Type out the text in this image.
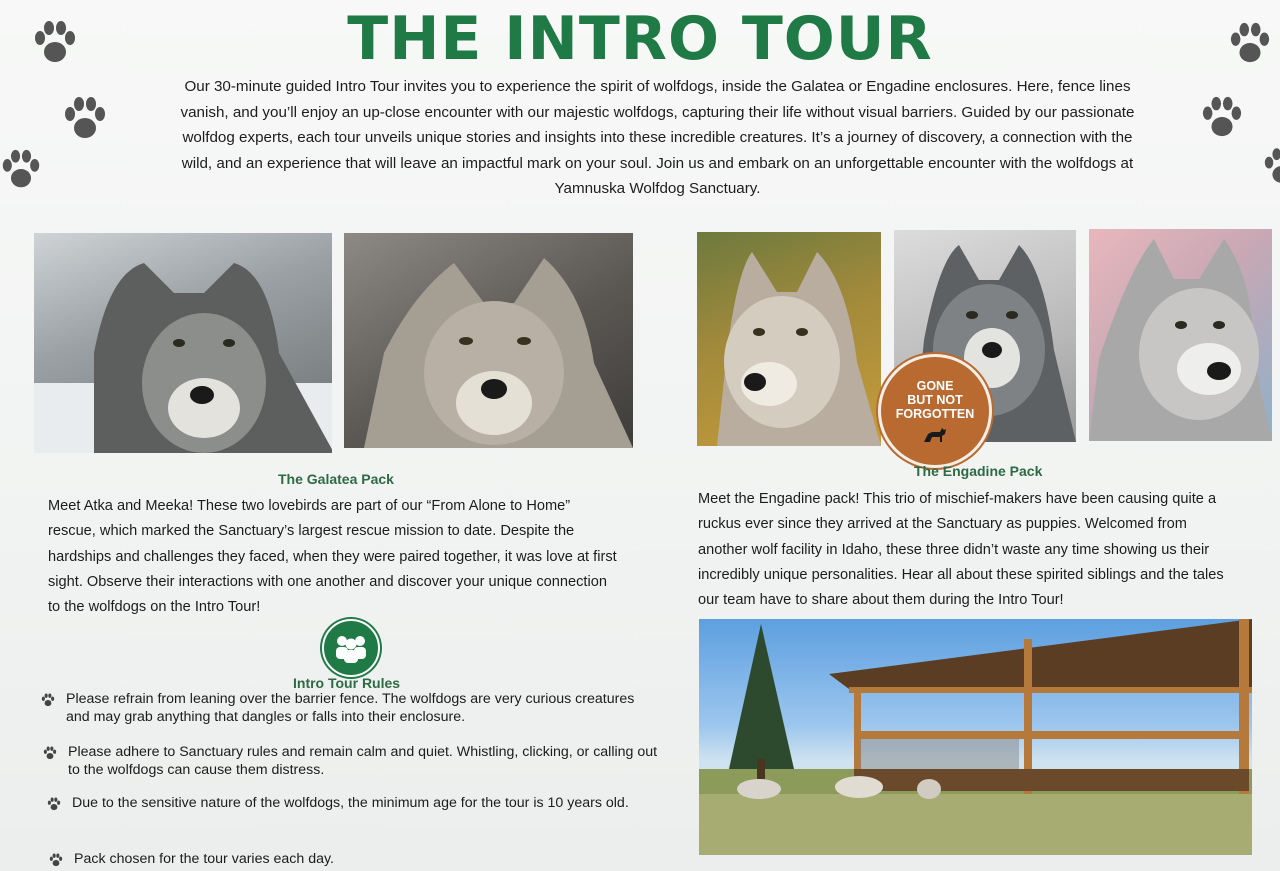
THE INTRO TOUR
Our 30-minute guided Intro Tour invites you to experience the spirit of wolfdogs, inside the Galatea or Engadine enclosures. Here, fence lines vanish, and you’ll enjoy an up-close encounter with our majestic wolfdogs, capturing their life without visual barriers. Guided by our passionate wolfdog experts, each tour unveils unique stories and insights into these incredible creatures. It’s a journey of discovery, a connection with the wild, and an experience that will leave an impactful mark on your soul. Join us and embark on an unforgettable encounter with the wolfdogs at Yamnuska Wolfdog Sanctuary.
GONE
BUT NOT
FORGOTTEN
The Galatea Pack	The Engadine Pack
Meet Atka and Meeka! These two lovebirds are part of our “From Alone to Home” rescue, which marked the Sanctuary’s largest rescue mission to date. Despite the hardships and challenges they faced, when they were paired together, it was love at first sight. Observe their interactions with one another and discover your unique connection to the wolfdogs on the Intro Tour!
Meet the Engadine pack! This trio of mischief-makers have been causing quite a ruckus ever since they arrived at the Sanctuary as puppies. Welcomed from another wolf facility in Idaho, these three didn’t waste any time showing us their incredibly unique personalities. Hear all about these spirited siblings and the tales our team have to share about them during the Intro Tour!
Intro Tour Rules
Please refrain from leaning over the barrier fence. The wolfdogs are very curious creatures and may grab anything that dangles or falls into their enclosure.
Please adhere to Sanctuary rules and remain calm and quiet. Whistling, clicking, or calling out to the wolfdogs can cause them distress.
Due to the sensitive nature of the wolfdogs, the minimum age for the tour is 10 years old.
Pack chosen for the tour varies each day.
